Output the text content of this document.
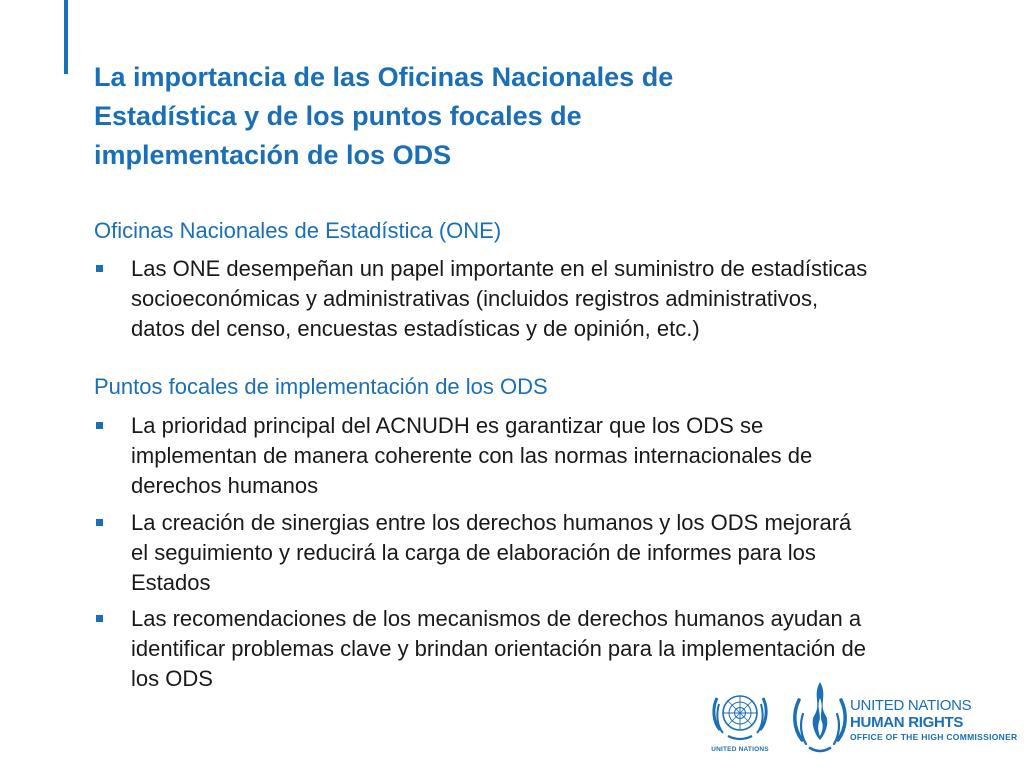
La importancia de las Oficinas Nacionales de
Estadística y de los puntos focales de
implementación de los ODS
Oficinas Nacionales de Estadística (ONE)
Las ONE desempeñan un papel importante en el suministro de estadísticas
socioeconómicas y administrativas (incluidos registros administrativos,
datos del censo, encuestas estadísticas y de opinión, etc.)
Puntos focales de implementación de los ODS
La prioridad principal del ACNUDH es garantizar que los ODS se
implementan de manera coherente con las normas internacionales de
derechos humanos
La creación de sinergias entre los derechos humanos y los ODS mejorará
el seguimiento y reducirá la carga de elaboración de informes para los
Estados
Las recomendaciones de los mecanismos de derechos humanos ayudan a
identificar problemas clave y brindan orientación para la implementación de
los ODS
UNITED NATIONS
UNITED NATIONS
HUMAN RIGHTS
OFFICE OF THE HIGH COMMISSIONER
